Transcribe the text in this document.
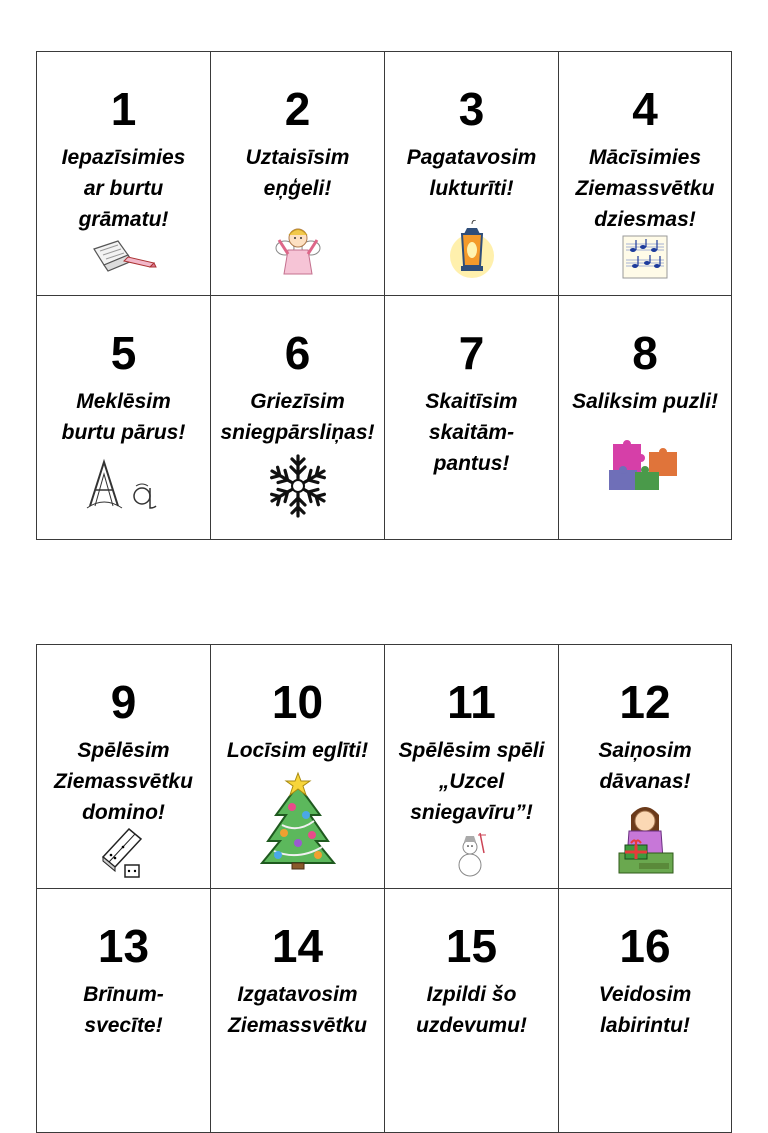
1
Iepazīsimies
ar burtu
grāmatu!
2
Uztaisīsim
eņģeli!
3
Pagatavosim
lukturīti!
4
Mācīsimies
Ziemassvētku
dziesmas!
5
Meklēsim
burtu pārus!
6
Griezīsim
sniegpārsliņas!
7
Skaitīsim
skaitām-
pantus!
8
Saliksim puzli!
9
Spēlēsim
Ziemassvētku
domino!
10
Locīsim eglīti!
11
Spēlēsim spēli
„Uzcel
sniegavīru”!
12
Saiņosim
dāvanas!
13
Brīnum-
svecīte!
14
Izgatavosim
Ziemassvētku
15
Izpildi šo
uzdevumu!
16
Veidosim
labirintu!
